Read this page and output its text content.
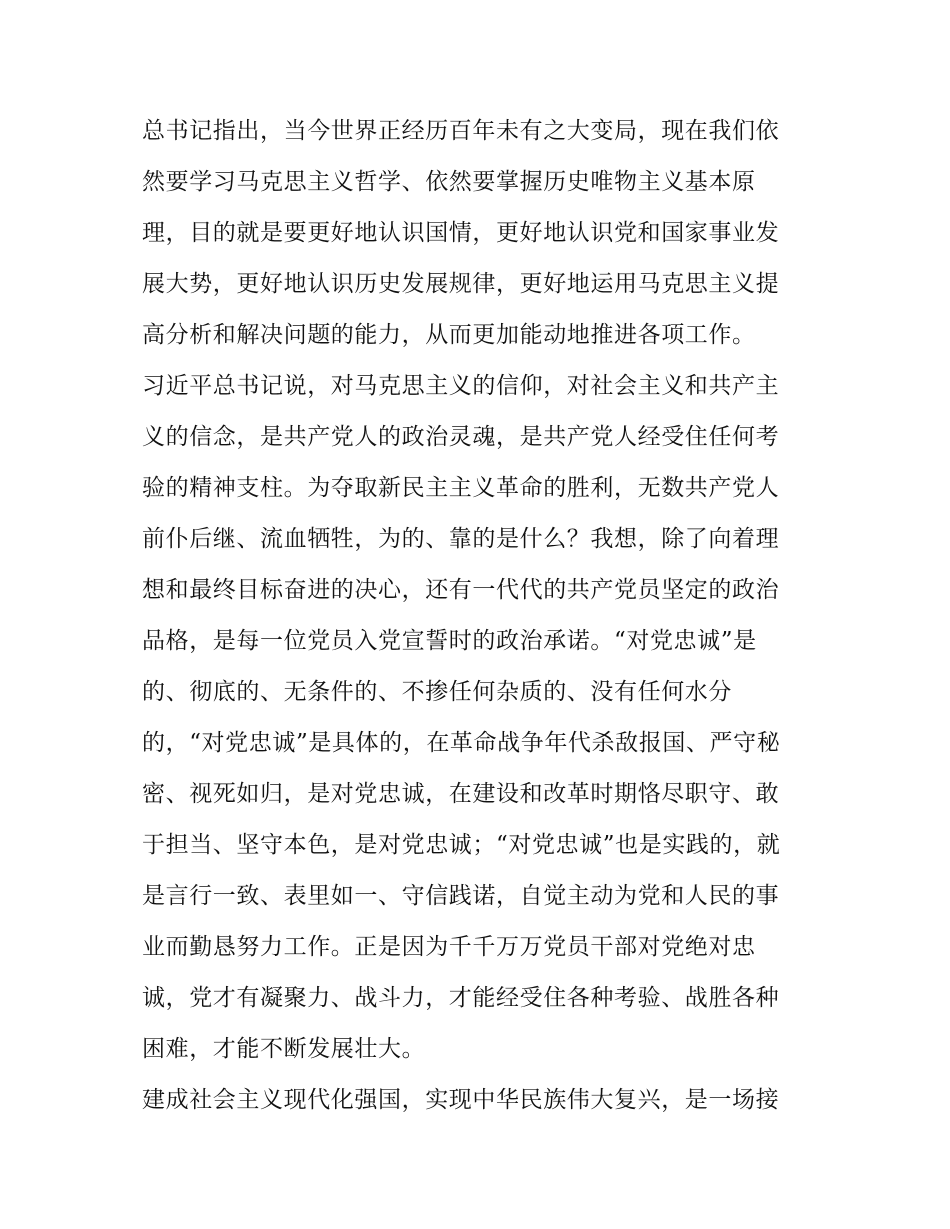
总书记指出，当今世界正经历百年未有之大变局，现在我们依
然要学习马克思主义哲学、依然要掌握历史唯物主义基本原
理，目的就是要更好地认识国情，更好地认识党和国家事业发
展大势，更好地认识历史发展规律，更好地运用马克思主义提
高分析和解决问题的能力，从而更加能动地推进各项工作。
习近平总书记说，对马克思主义的信仰，对社会主义和共产主
义的信念，是共产党人的政治灵魂，是共产党人经受住任何考
验的精神支柱。为夺取新民主主义革命的胜利，无数共产党人
前仆后继、流血牺牲，为的、靠的是什么？我想，除了向着理
想和最终目标奋进的决心，还有一代代的共产党员坚定的政治
品格，是每一位党员入党宣誓时的政治承诺。“对党忠诚”是
的、彻底的、无条件的、不掺任何杂质的、没有任何水分
的，“对党忠诚”是具体的，在革命战争年代杀敌报国、严守秘
密、视死如归，是对党忠诚，在建设和改革时期恪尽职守、敢
于担当、坚守本色，是对党忠诚；“对党忠诚”也是实践的，就
是言行一致、表里如一、守信践诺，自觉主动为党和人民的事
业而勤恳努力工作。正是因为千千万万党员干部对党绝对忠
诚，党才有凝聚力、战斗力，才能经受住各种考验、战胜各种
困难，才能不断发展壮大。
建成社会主义现代化强国，实现中华民族伟大复兴，是一场接
